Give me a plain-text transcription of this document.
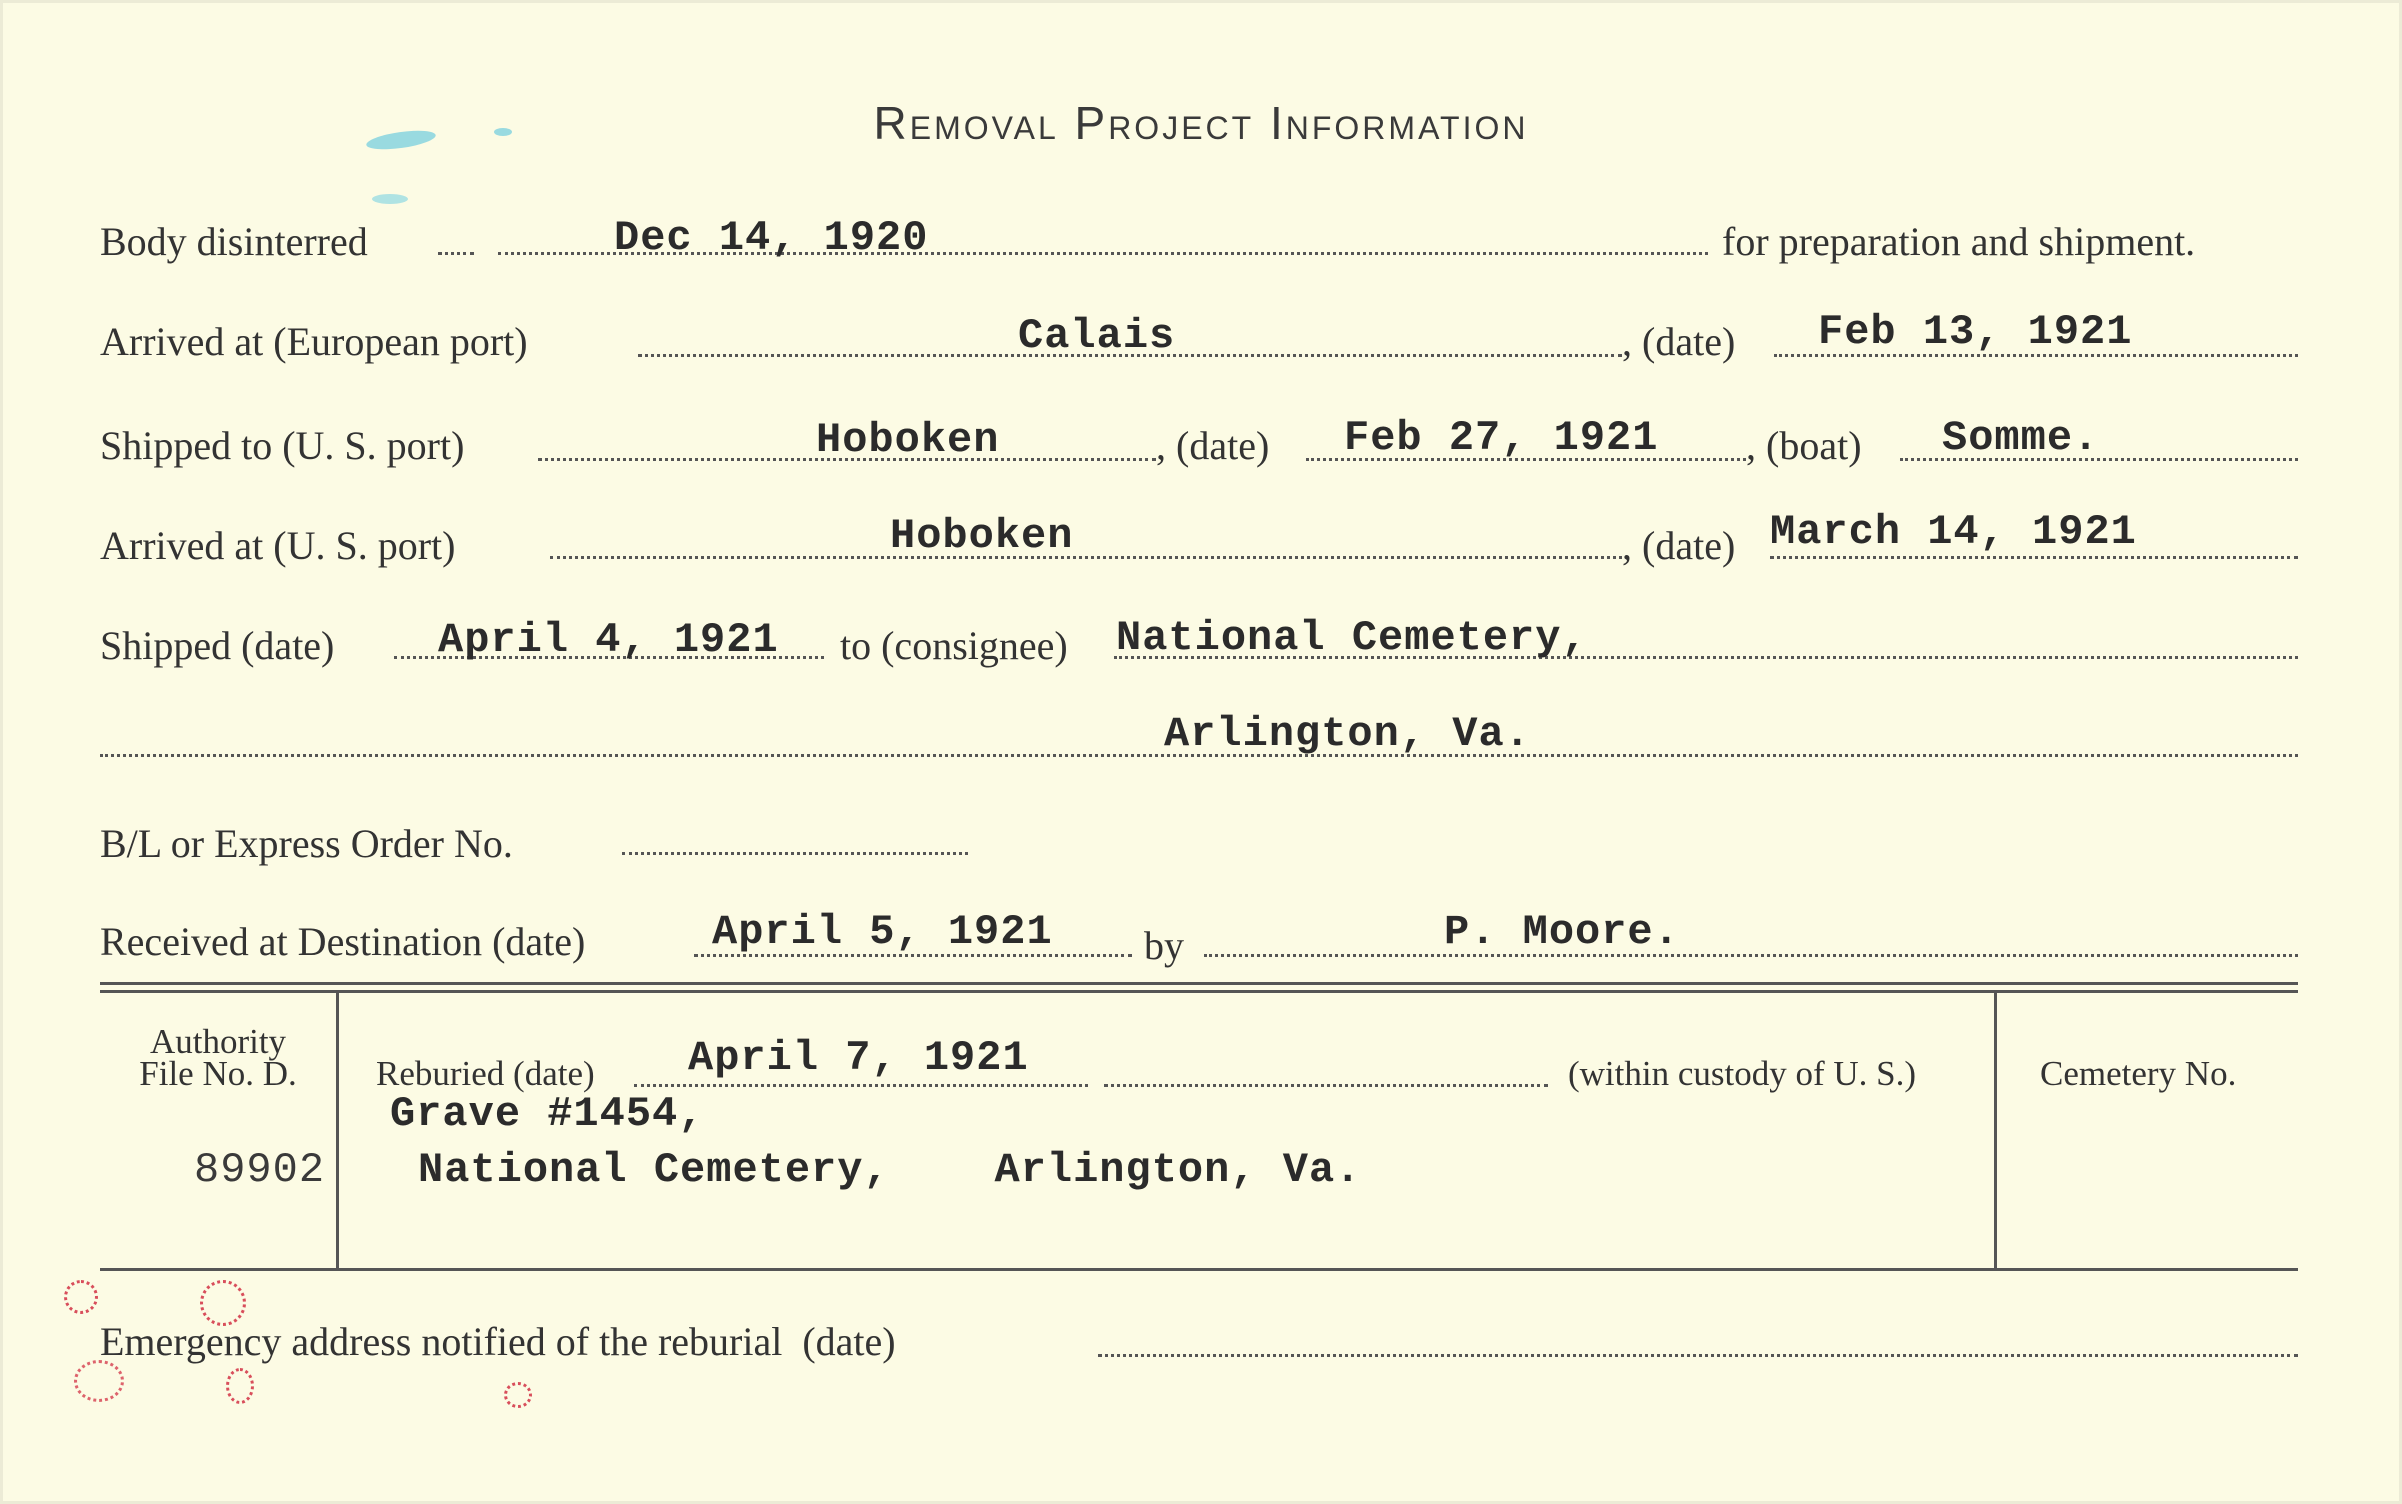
Removal Project Information
Body disinterred	Dec 14, 1920	for preparation and shipment.
Arrived at (European port)	Calais	, (date) Feb 13, 1921
Shipped to (U. S. port)	Hoboken	, (date) Feb 27, 1921 , (boat) Somme.
Arrived at (U. S. port)	Hoboken	, (date) March 14, 1921
Shipped (date) April 4, 1921 to (consignee) National Cemetery,
Arlington, Va.
B/L or Express Order No.
Received at Destination (date)	April 5, 1921 by	P. Moore.
Authority
File No. D.
89902
Reburied (date) April 7, 1921	(within custody of U. S.)
Grave #1454,
National Cemetery,    Arlington, Va.
Cemetery No.
Emergency address notified of the reburial  (date)
